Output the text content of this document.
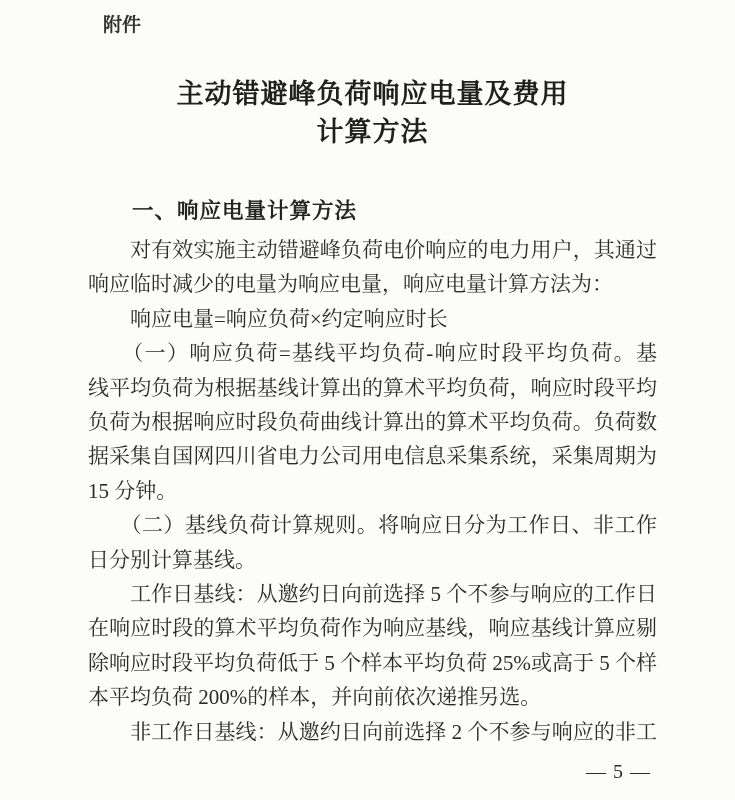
附件
主动错避峰负荷响应电量及费用
计算方法
一、响应电量计算方法
　　对有效实施主动错避峰负荷电价响应的电力用户，其通过
响应临时减少的电量为响应电量，响应电量计算方法为：
　　响应电量=响应负荷×约定响应时长
　　（一）响应负荷=基线平均负荷-响应时段平均负荷。基
线平均负荷为根据基线计算出的算术平均负荷，响应时段平均
负荷为根据响应时段负荷曲线计算出的算术平均负荷。负荷数
据采集自国网四川省电力公司用电信息采集系统，采集周期为
15 分钟。
　　（二）基线负荷计算规则。将响应日分为工作日、非工作
日分别计算基线。
　　工作日基线：从邀约日向前选择 5 个不参与响应的工作日
在响应时段的算术平均负荷作为响应基线，响应基线计算应剔
除响应时段平均负荷低于 5 个样本平均负荷 25%或高于 5 个样
本平均负荷 200%的样本，并向前依次递推另选。
　　非工作日基线：从邀约日向前选择 2 个不参与响应的非工
— 5 —
